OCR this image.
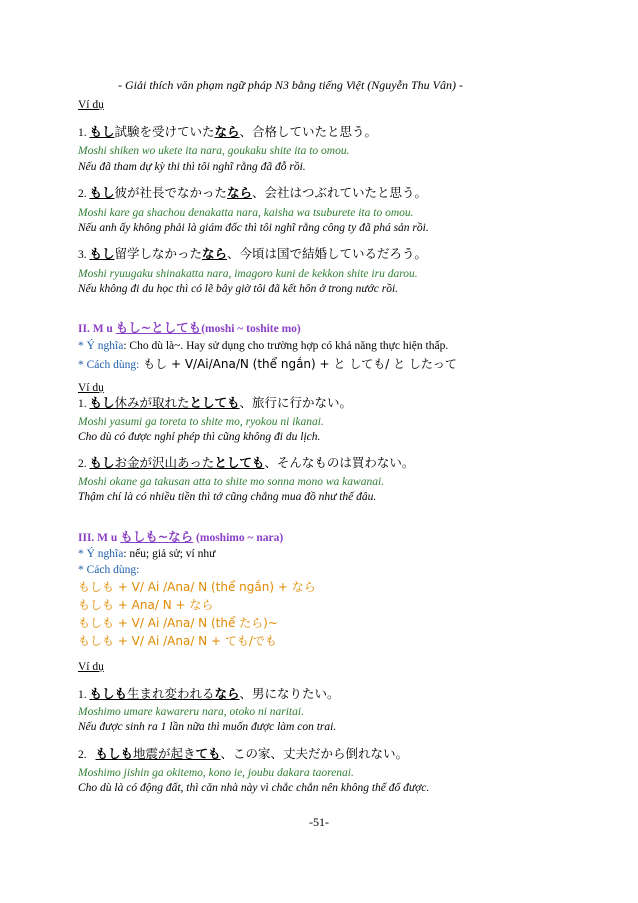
- Giải thích văn phạm ngữ pháp N3 bằng tiếng Việt (Nguyễn Thu Vân) -
Ví dụ
1. もし試験を受けていたなら、合格していたと思う。
Moshi shiken wo ukete ita nara, goukaku shite ita to omou.
Nếu đã tham dự kỳ thi thì tôi nghĩ rằng đã đỗ rồi.
2. もし彼が社長でなかったなら、会社はつぶれていたと思う。
Moshi kare ga shachou denakatta nara, kaisha wa tsuburete ita to omou.
Nếu anh ấy không phải là giám đốc thì tôi nghĩ rằng công ty đã phá sản rồi.
3. もし留学しなかったなら、今頃は国で結婚しているだろう。
Moshi ryuugaku shinakatta nara, imagoro kuni de kekkon shite iru darou.
Nếu không đi du học thì có lẽ bây giờ tôi đã kết hôn ở trong nước rồi.
II. M u もし~としても(moshi ~ toshite mo)
* Ý nghĩa: Cho dù là~. Hay sử dụng cho trường hợp có khả năng thực hiện thấp.
* Cách dùng: もし + V/Ai/Ana/N (thể ngắn) + と しても/ と したって
Ví dụ
1. もし休みが取れたとしても、旅行に行かない。
Moshi yasumi ga toreta to shite mo, ryokou ni ikanai.
Cho dù có được nghỉ phép thì cũng không đi du lịch.
2. もしお金が沢山あったとしても、そんなものは買わない。
Moshi okane ga takusan atta to shite mo sonna mono wa kawanai.
Thậm chí là có nhiều tiền thì tớ cũng chẳng mua đồ như thế đâu.
III. M u もしも~なら (moshimo ~ nara)
* Ý nghĩa: nếu; giả sử; ví như
* Cách dùng:
もしも + V/ Ai /Ana/ N (thể ngắn) + なら
もしも + Ana/ N + なら
もしも + V/ Ai /Ana/ N (thể たら)~
もしも + V/ Ai /Ana/ N + ても/でも
Ví dụ
1. もしも生まれ変われるなら、男になりたい。
Moshimo umare kawareru nara, otoko ni naritai.
Nếu được sinh ra 1 lần nữa thì muốn được làm con trai.
2. もしも地震が起きても、この家、丈夫だから倒れない。
Moshimo jishin ga okitemo, kono ie, joubu dakara taorenai.
Cho dù là có động đất, thì căn nhà này vì chắc chắn nên không thể đổ được.
-51-
